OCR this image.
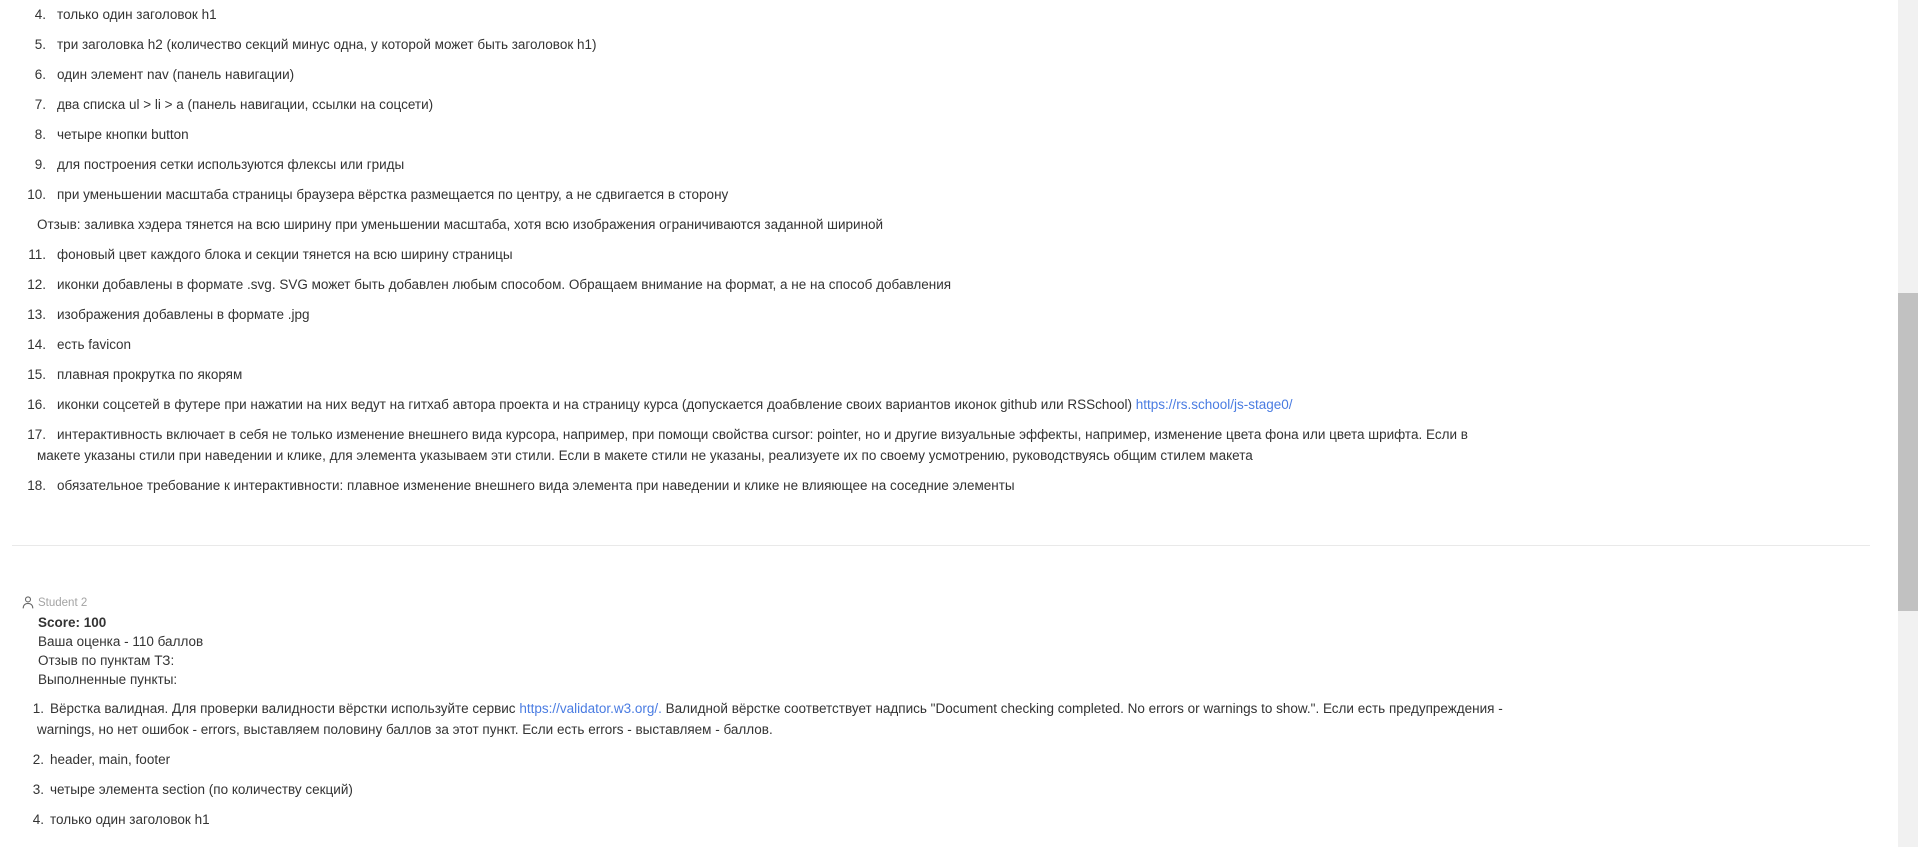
4. только один заголовок h1
5. три заголовка h2 (количество секций минус одна, у которой может быть заголовок h1)
6. один элемент nav (панель навигации)
7. два списка ul > li > a (панель навигации, ссылки на соцсети)
8. четыре кнопки button
9. для построения сетки используются флексы или гриды
10. при уменьшении масштаба страницы браузера вёрстка размещается по центру, а не сдвигается в сторону
Отзыв: заливка хэдера тянется на всю ширину при уменьшении масштаба, хотя всю изображения ограничиваются заданной шириной
11. фоновый цвет каждого блока и секции тянется на всю ширину страницы
12. иконки добавлены в формате .svg. SVG может быть добавлен любым способом. Обращаем внимание на формат, а не на способ добавления
13. изображения добавлены в формате .jpg
14. есть favicon
15. плавная прокрутка по якорям
16. иконки соцсетей в футере при нажатии на них ведут на гитхаб автора проекта и на страницу курса (допускается доабвление своих вариантов иконок github или RSSchool) https://rs.school/js-stage0/
17. интерактивность включает в себя не только изменение внешнего вида курсора, например, при помощи свойства cursor: pointer, но и другие визуальные эффекты, например, изменение цвета фона или цвета шрифта. Если в макете указаны стили при наведении и клике, для элемента указываем эти стили. Если в макете стили не указаны, реализуете их по своему усмотрению, руководствуясь общим стилем макета
18. обязательное требование к интерактивности: плавное изменение внешнего вида элемента при наведении и клике не влияющее на соседние элементы
Student 2
Score: 100
Ваша оценка - 110 баллов
Отзыв по пунктам ТЗ:
Выполненные пункты:
1. Вёрстка валидная. Для проверки валидности вёрстки используйте сервис https://validator.w3.org/. Валидной вёрстке соответствует надпись "Document checking completed. No errors or warnings to show.". Если есть предупреждения - warnings, но нет ошибок - errors, выставляем половину баллов за этот пункт. Если есть errors - выставляем - баллов.
2. header, main, footer
3. четыре элемента section (по количеству секций)
4. только один заголовок h1
